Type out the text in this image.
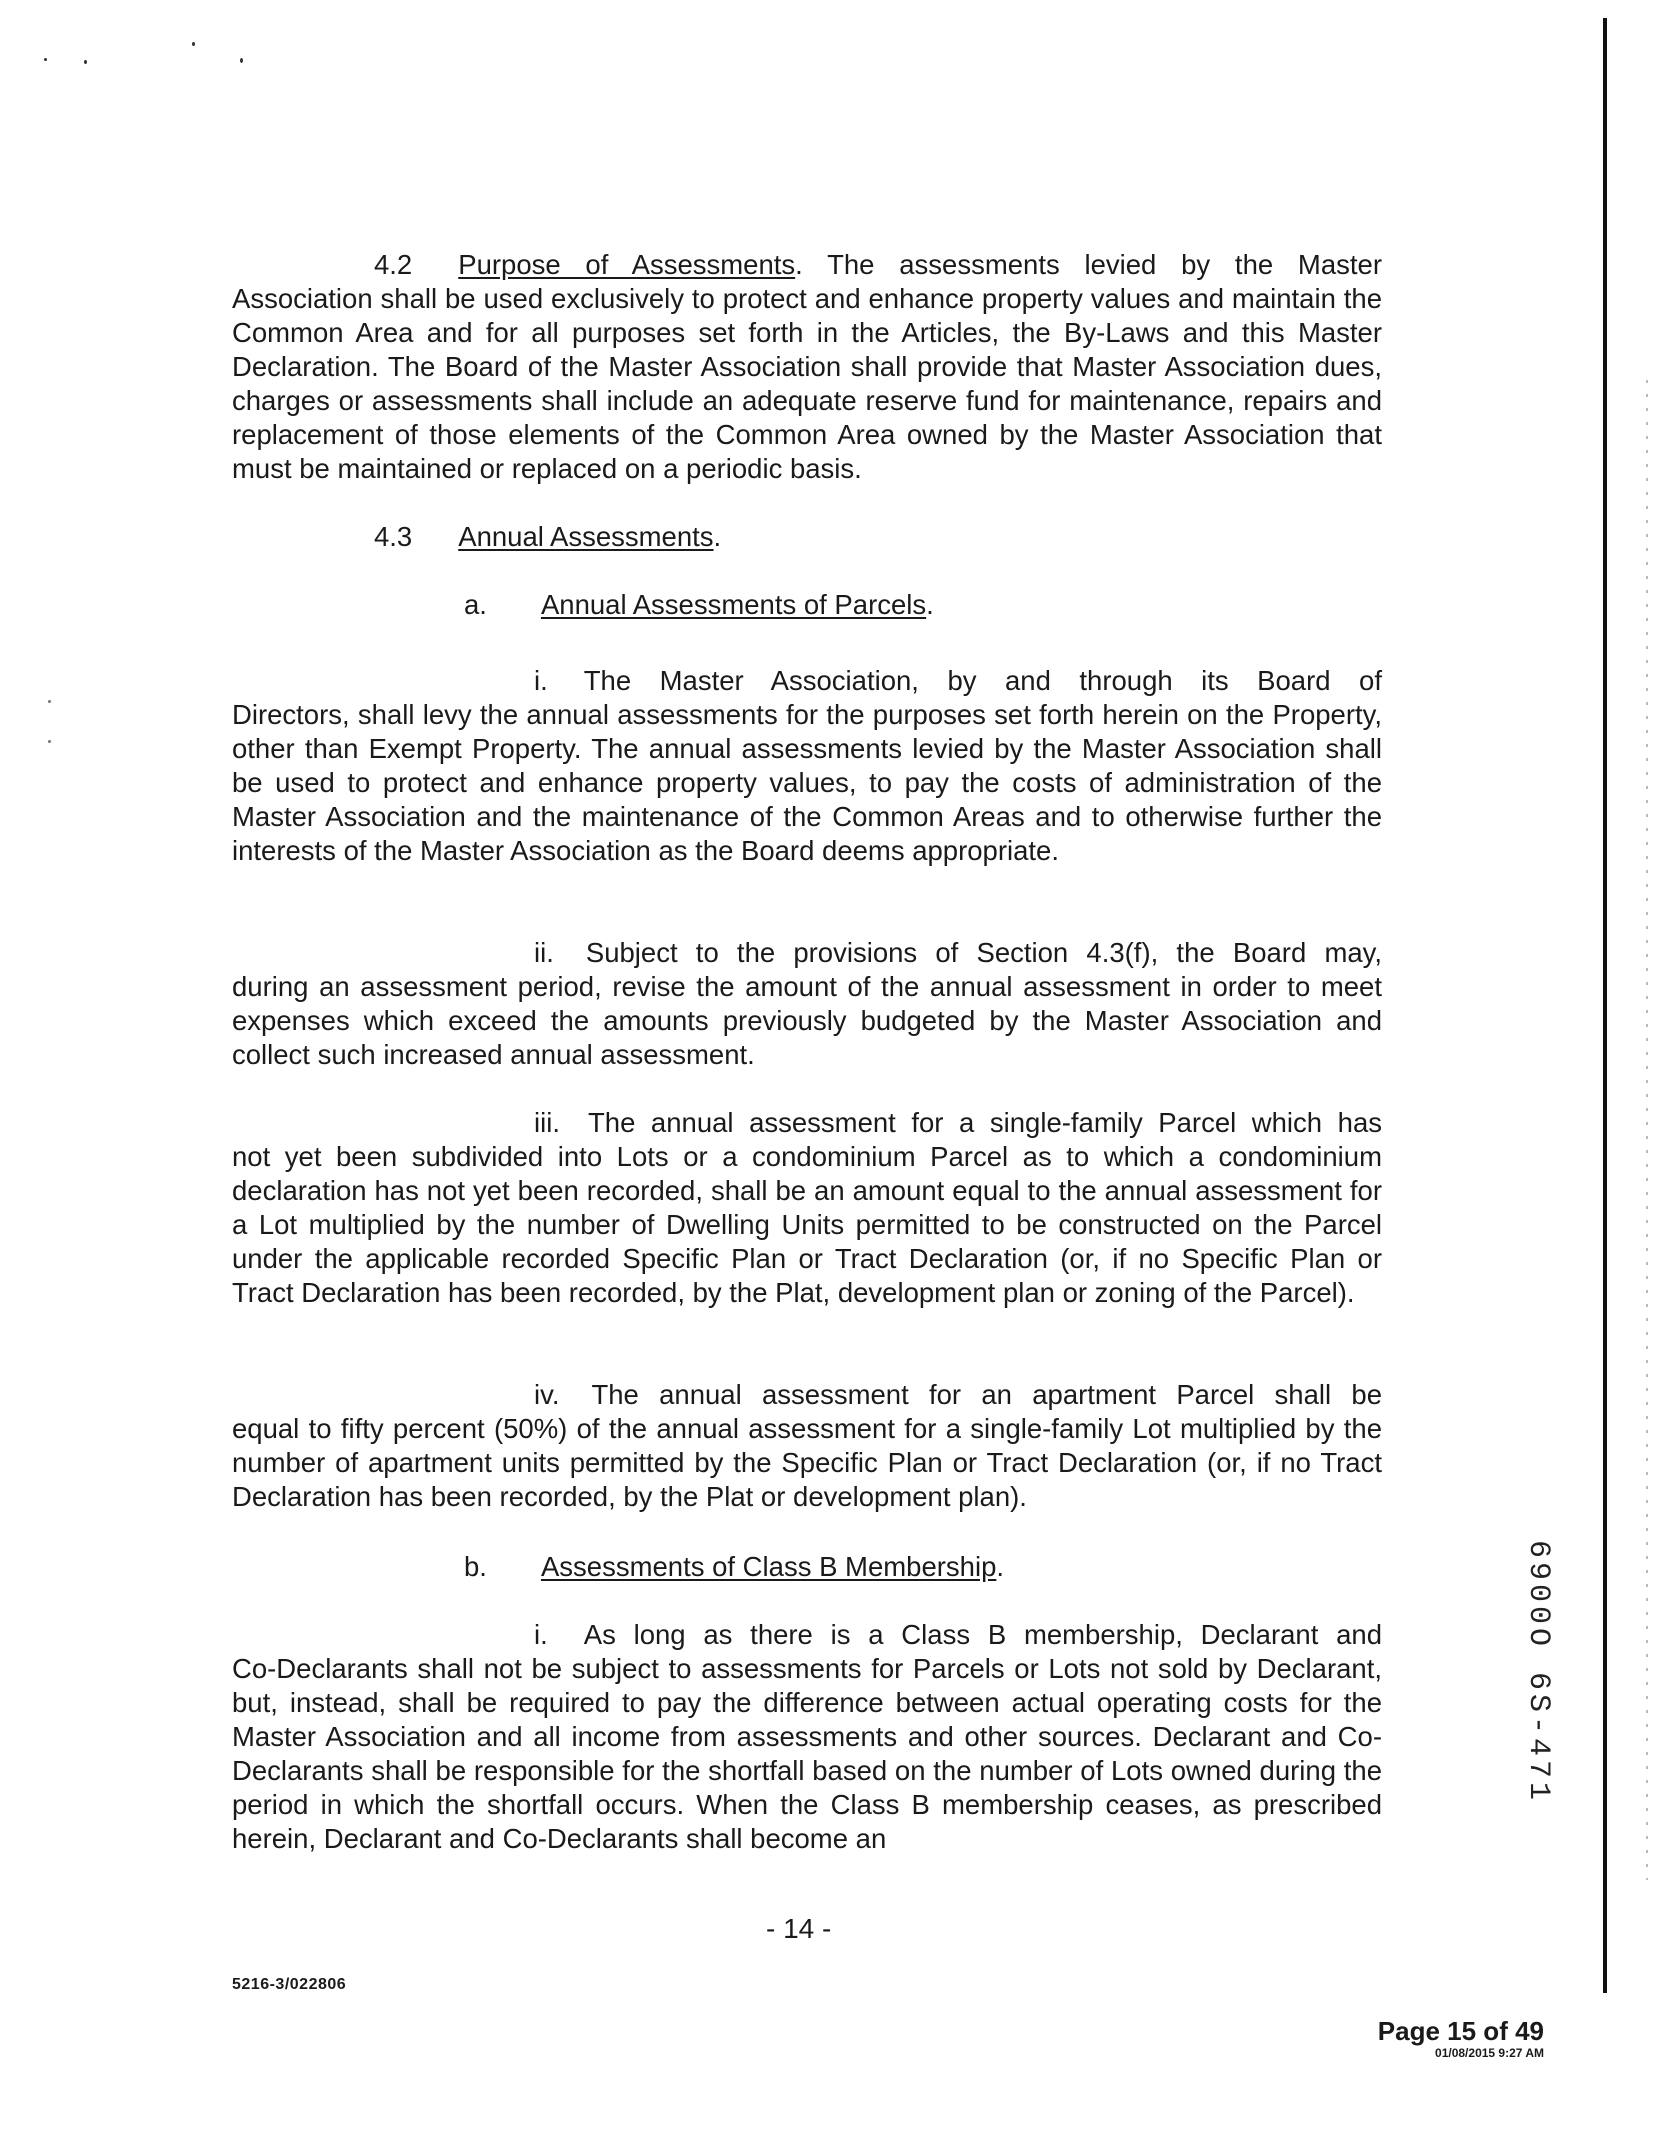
4.2 Purpose of Assessments. The assessments levied by the Master

Association shall be used exclusively to protect and enhance property values and maintain the Common Area and for all purposes set forth in the Articles, the By-Laws and this Master Declaration. The Board of the Master Association shall provide that Master Association dues, charges or assessments shall include an adequate reserve fund for maintenance, repairs and replacement of those elements of the Common Area owned by the Master Association that must be maintained or replaced on a periodic basis.

4.3 Annual Assessments.

a. Annual Assessments of Parcels.

i. The Master Association, by and through its Board of

Directors, shall levy the annual assessments for the purposes set forth herein on the Property, other than Exempt Property. The annual assessments levied by the Master Association shall be used to protect and enhance property values, to pay the costs of administration of the Master Association and the maintenance of the Common Areas and to otherwise further the interests of the Master Association as the Board deems appropriate.

ii. Subject to the provisions of Section 4.3(f), the Board may,

during an assessment period, revise the amount of the annual assessment in order to meet expenses which exceed the amounts previously budgeted by the Master Association and collect such increased annual assessment.

iii. The annual assessment for a single-family Parcel which has

not yet been subdivided into Lots or a condominium Parcel as to which a condominium declaration has not yet been recorded, shall be an amount equal to the annual assessment for a Lot multiplied by the number of Dwelling Units permitted to be constructed on the Parcel under the applicable recorded Specific Plan or Tract Declaration (or, if no Specific Plan or Tract Declaration has been recorded, by the Plat, development plan or zoning of the Parcel).

iv. The annual assessment for an apartment Parcel shall be

equal to fifty percent (50%) of the annual assessment for a single-family Lot multiplied by the number of apartment units permitted by the Specific Plan or Tract Declaration (or, if no Tract Declaration has been recorded, by the Plat or development plan).

b. Assessments of Class B Membership.

i. As long as there is a Class B membership, Declarant and

Co-Declarants shall not be subject to assessments for Parcels or Lots not sold by Declarant, but, instead, shall be required to pay the difference between actual operating costs for the Master Association and all income from assessments and other sources. Declarant and Co-Declarants shall be responsible for the shortfall based on the number of Lots owned during the period in which the shortfall occurs. When the Class B membership ceases, as prescribed herein, Declarant and Co-Declarants shall become an

6900O 6S-471
- 14 -
5216-3/022806
Page 15 of 49
01/08/2015 9:27 AM
